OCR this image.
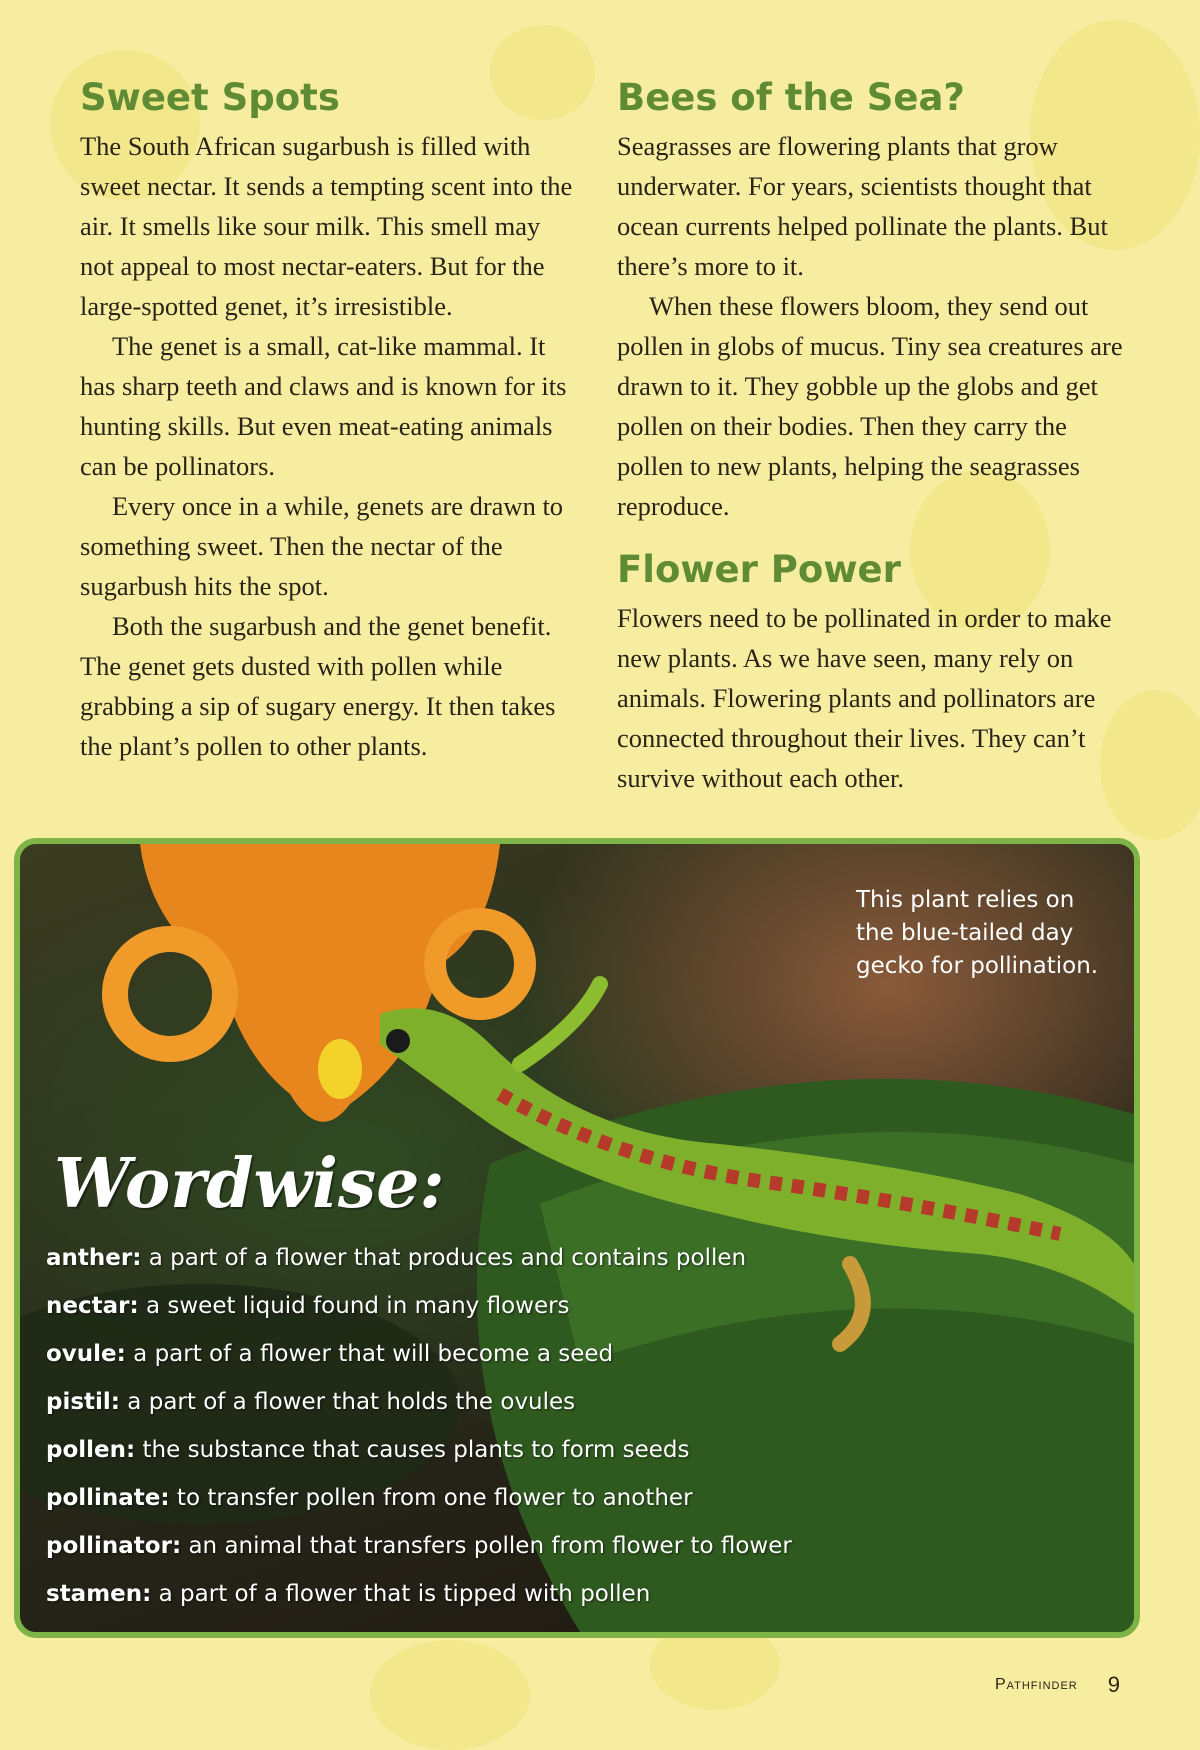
Sweet Spots

The South African sugarbush is filled with sweet nectar. It sends a tempting scent into the air. It smells like sour milk. This smell may not appeal to most nectar-eaters. But for the large-spotted genet, it’s irresistible.

The genet is a small, cat-like mammal. It has sharp teeth and claws and is known for its hunting skills. But even meat-eating animals can be pollinators.

Every once in a while, genets are drawn to something sweet. Then the nectar of the sugarbush hits the spot.

Both the sugarbush and the genet benefit. The genet gets dusted with pollen while grabbing a sip of sugary energy. It then takes the plant’s pollen to other plants.

Bees of the Sea?

Seagrasses are flowering plants that grow underwater. For years, scientists thought that ocean currents helped pollinate the plants. But there’s more to it.

When these flowers bloom, they send out pollen in globs of mucus. Tiny sea creatures are drawn to it. They gobble up the globs and get pollen on their bodies. Then they carry the pollen to new plants, helping the seagrasses reproduce.

Flower Power

Flowers need to be pollinated in order to make new plants. As we have seen, many rely on animals. Flowering plants and pollinators are connected throughout their lives. They can’t survive without each other.

This plant relies on the blue-tailed day gecko for pollination.
Wordwise:
anther: a part of a flower that produces and contains pollen
nectar: a sweet liquid found in many flowers
ovule: a part of a flower that will become a seed
pistil: a part of a flower that holds the ovules
pollen: the substance that causes plants to form seeds
pollinate: to transfer pollen from one flower to another
pollinator: an animal that transfers pollen from flower to flower
stamen: a part of a flower that is tipped with pollen
Pathfinder 9
